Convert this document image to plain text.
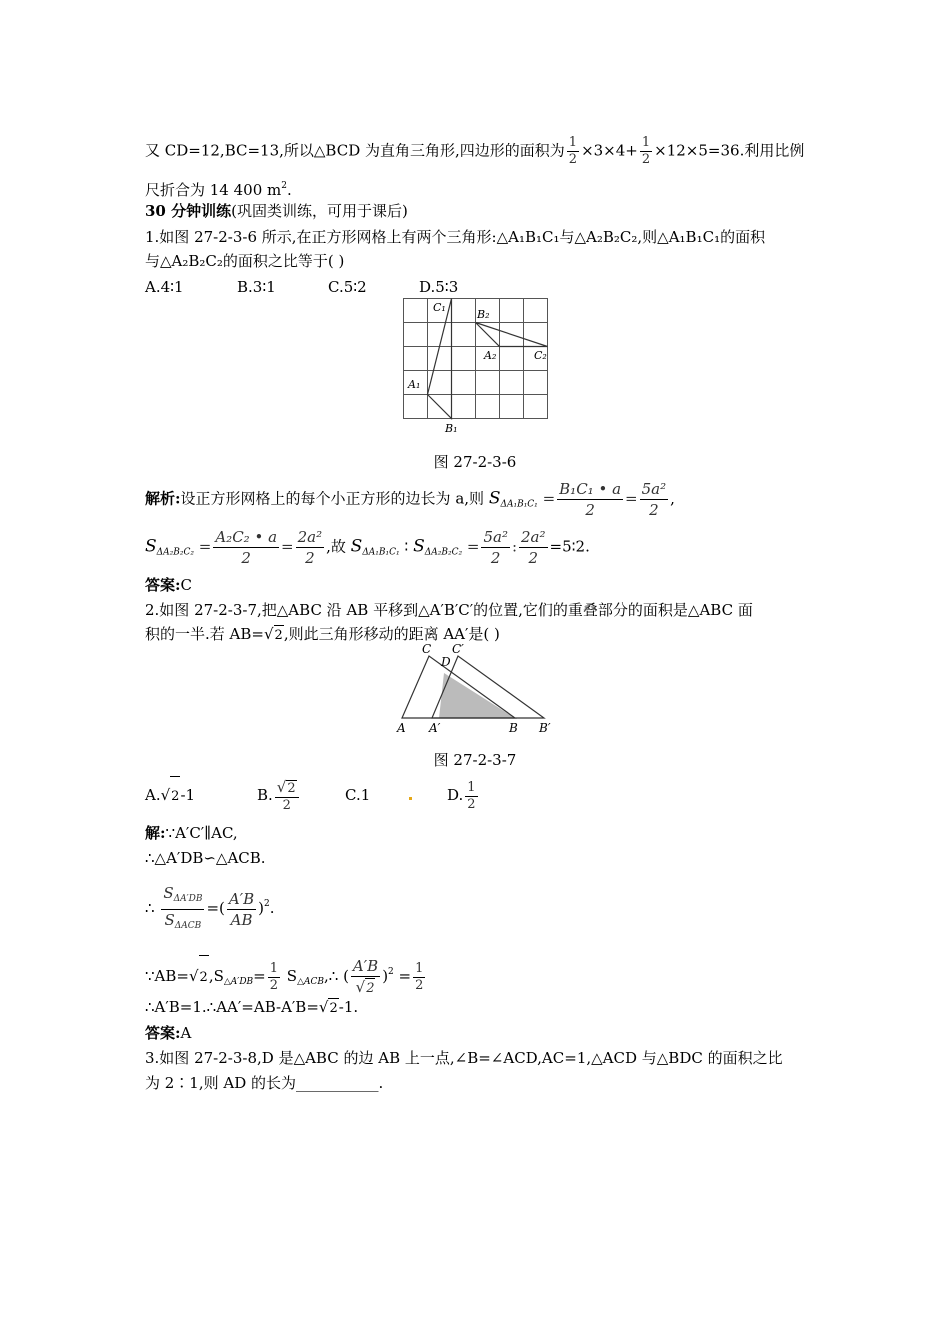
又 CD=12,BC=13,所以△BCD 为直角三角形,四边形的面积为 $\frac{1}{2} \times 3\times 4+ \frac{1}{2} \times 12\times 5=36$.利用比例
尺折合为 14 400 $m^2$.
30 分钟训练(巩固类训练，可用于课后)
1.如图 27-2-3-6 所示,在正方形网格上有两个三角形:△A₁B₁C₁与△A₂B₂C₂,则△A₁B₁C₁的面积
与△A₂B₂C₂的面积之比等于( )
A.4∶1	B.3∶1	C.5∶2	D.5∶3
C₁
B₂
A₂	C₂
A₁
B₁
图 27-2-3-6
解析:设正方形网格上的每个小正方形的边长为 a,则 $S_{\Delta A_1B_1C_1} = \frac{\text{B₁C₁ • a}}{2} = \frac{\text{5a²}}{2}$ ,
$S_{\Delta A_2B_2C_2} = \frac{\text{A₂C₂ • a}}{2} = \frac{\text{2a²}}{2}$ ,故 $S_{\Delta A_1B_1C_1}$ ∶ $S_{\Delta A_2B_2C_2} = \frac{\text{5a²}}{2}$ : $\frac{\text{2a²}}{2}$ =5∶2.
答案:C
2.如图 27-2-3-7,把△ABC 沿 AB 平移到△A′B′C′的位置,它们的重叠部分的面积是△ABC 面
积的一半.若 AB=√2,则此三角形移动的距离 AA′是( )
C C′
D
A A′	B B′
图 27-2-3-7
A.√2-1	B. $\frac{√2}{2}$	C.1	D. $\frac{1}{2}$
解:∵A′C′∥AC,
∴△A′DB∽△ACB.
∴ $\frac{S_{\Delta A'DB}}{S_{\Delta ACB}}$ =( $\frac{A'B}{AB} )^2$.
$\because AB=√2,S_{\triangle A'DB}= \frac{1}{2}$ $S_{\triangle ACB},\therefore$ ( $\frac{A'B}{√2} )^2 = \frac{1}{2}$
∴A′B=1.∴AA′=AB-A′B=√2-1.
答案:A
3.如图 27-2-3-8,D 是△ABC 的边 AB 上一点,∠B=∠ACD,AC=1,△ACD 与△BDC 的面积之比
为 2∶1,则 AD 的长为___________.
